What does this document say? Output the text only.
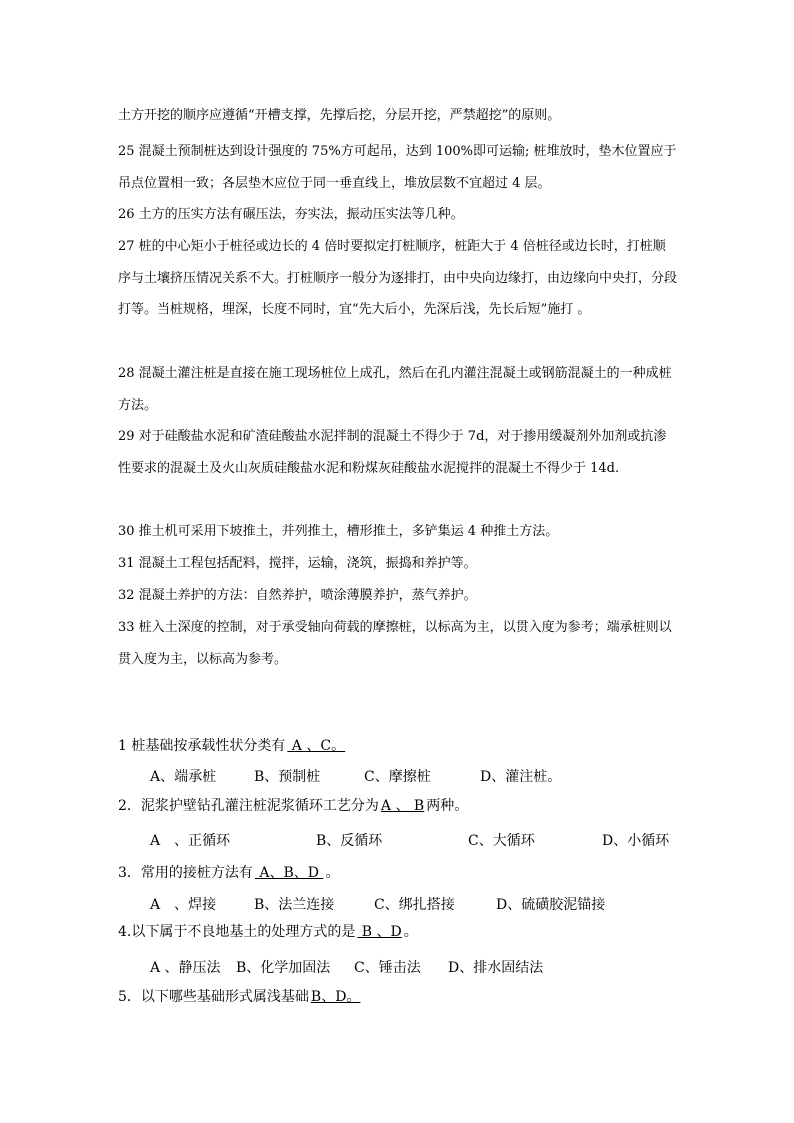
土方开挖的顺序应遵循“开槽支撑，先撑后挖，分层开挖，严禁超挖”的原则。

25 混凝土预制桩达到设计强度的 75%方可起吊，达到 100%即可运输; 桩堆放时，垫木位置应于吊点位置相一致；各层垫木应位于同一垂直线上，堆放层数不宜超过 4 层。

26 土方的压实方法有碾压法，夯实法，振动压实法等几种。

27 桩的中心矩小于桩径或边长的 4 倍时要拟定打桩顺序，桩距大于 4 倍桩径或边长时，打桩顺序与土壤挤压情况关系不大。打桩顺序一般分为逐排打，由中央向边缘打，由边缘向中央打，分段打等。当桩规格，埋深，长度不同时，宜“先大后小，先深后浅，先长后短”施打 。

28 混凝土灌注桩是直接在施工现场桩位上成孔，然后在孔内灌注混凝土或钢筋混凝土的一种成桩方法。

29 对于硅酸盐水泥和矿渣硅酸盐水泥拌制的混凝土不得少于 7d，对于掺用缓凝剂外加剂或抗渗性要求的混凝土及火山灰质硅酸盐水泥和粉煤灰硅酸盐水泥搅拌的混凝土不得少于 14d.

30 推土机可采用下坡推土，并列推土，槽形推土，多铲集运 4 种推土方法。

31 混凝土工程包括配料，搅拌，运输，浇筑，振捣和养护等。

32 混凝土养护的方法：自然养护，喷涂薄膜养护，蒸气养护。

33 桩入土深度的控制，对于承受轴向荷载的摩擦桩，以标高为主，以贯入度为参考；端承桩则以贯入度为主，以标高为参考。

1 桩基础按承载性状分类有 A 、C。
A、端承桩	B、预制桩	C、摩擦桩	D、灌注桩。
2．泥浆护壁钻孔灌注桩泥浆循环工艺分为 A 、 B 两种。
A　、正循环	B、反循环	C、大循环	D、小循环
3．常用的接桩方法有 A、B、D 。
A　、焊接	B、法兰连接	C、绑扎搭接	D、硫磺胶泥锚接
4.以下属于不良地基土的处理方式的是 B 、D 。
A 、静压法 B、化学加固法 C、锤击法 D、排水固结法
5．以下哪些基础形式属浅基础 B、D。
